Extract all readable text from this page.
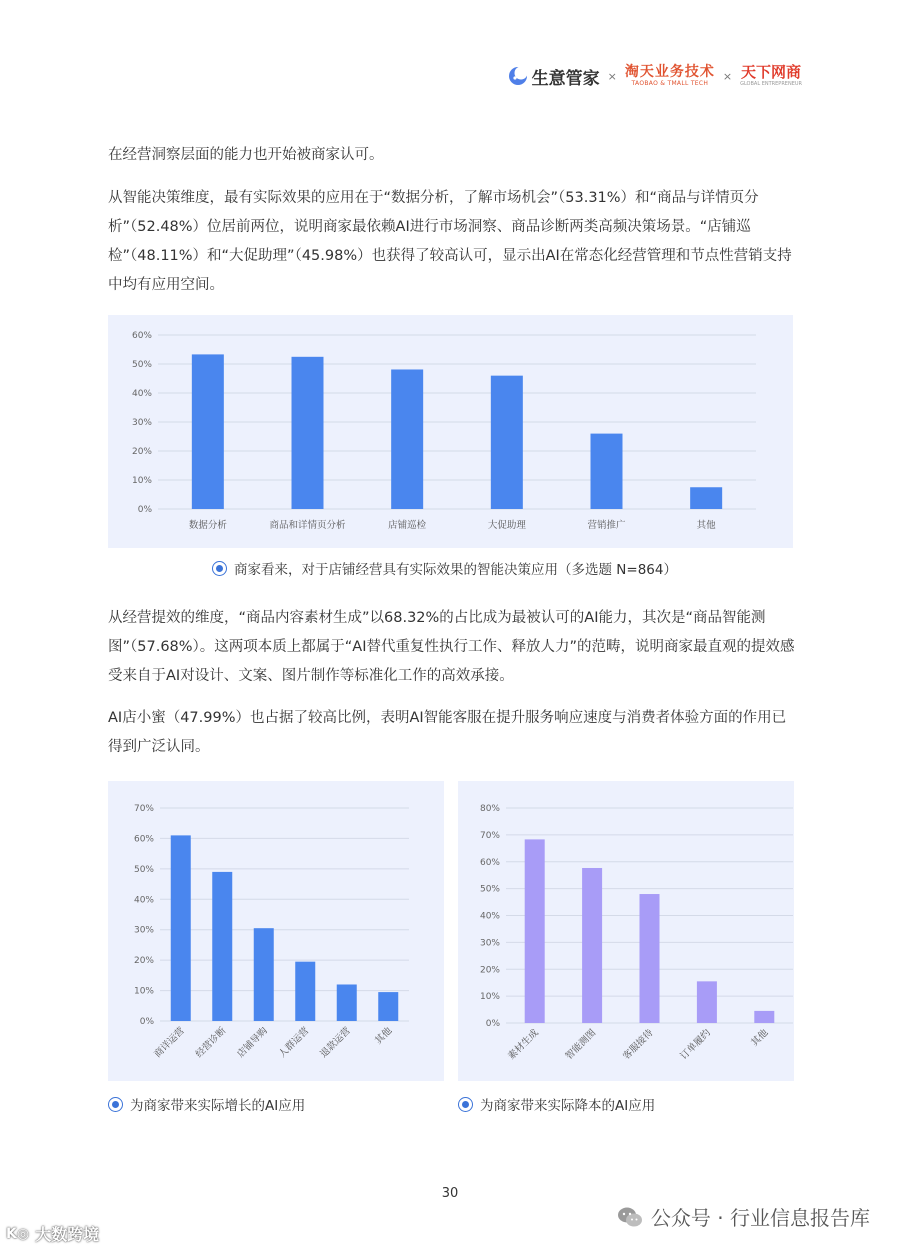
生意管家 × 淘天业务技术
TAOBAO & TMALL TECH
× 天下网商
GLOBAL ENTREPRENEUR

在经营洞察层面的能力也开始被商家认可。

从智能决策维度，最有实际效果的应用在于“数据分析，了解市场机会”（53.31%）和“商品与详情页分析”（52.48%）位居前两位，说明商家最依赖AI进行市场洞察、商品诊断两类高频决策场景。“店铺巡检”（48.11%）和“大促助理”（45.98%）也获得了较高认可，显示出AI在常态化经营管理和节点性营销支持中均有应用空间。

0%
10%
20%
30%
40%
50%
60%
数据分析	商品和详情页分析	店铺巡检	大促助理	营销推广	其他
商家看来，对于店铺经营具有实际效果的智能决策应用（多选题 N=864）

从经营提效的维度，“商品内容素材生成”以68.32%的占比成为最被认可的AI能力，其次是“商品智能测图”（57.68%）。这两项本质上都属于“AI替代重复性执行工作、释放人力”的范畴，说明商家最直观的提效感受来自于AI对设计、文案、图片制作等标准化工作的高效承接。

AI店小蜜（47.99%）也占据了较高比例，表明AI智能客服在提升服务响应速度与消费者体验方面的作用已得到广泛认同。

0%
10%
20%
30%
40%
50%
60%
70%
商详运营 经营诊断 店铺导购 人群运营 退款运营 其他
为商家带来实际增长的AI应用
0%
10%
20%
30%
40%
50%
60%
70%
80%
素材生成 智能测图 客服接待 订单履约	其他
为商家带来实际降本的AI应用
30
K◎ 大数跨境
公众号 · 行业信息报告库
